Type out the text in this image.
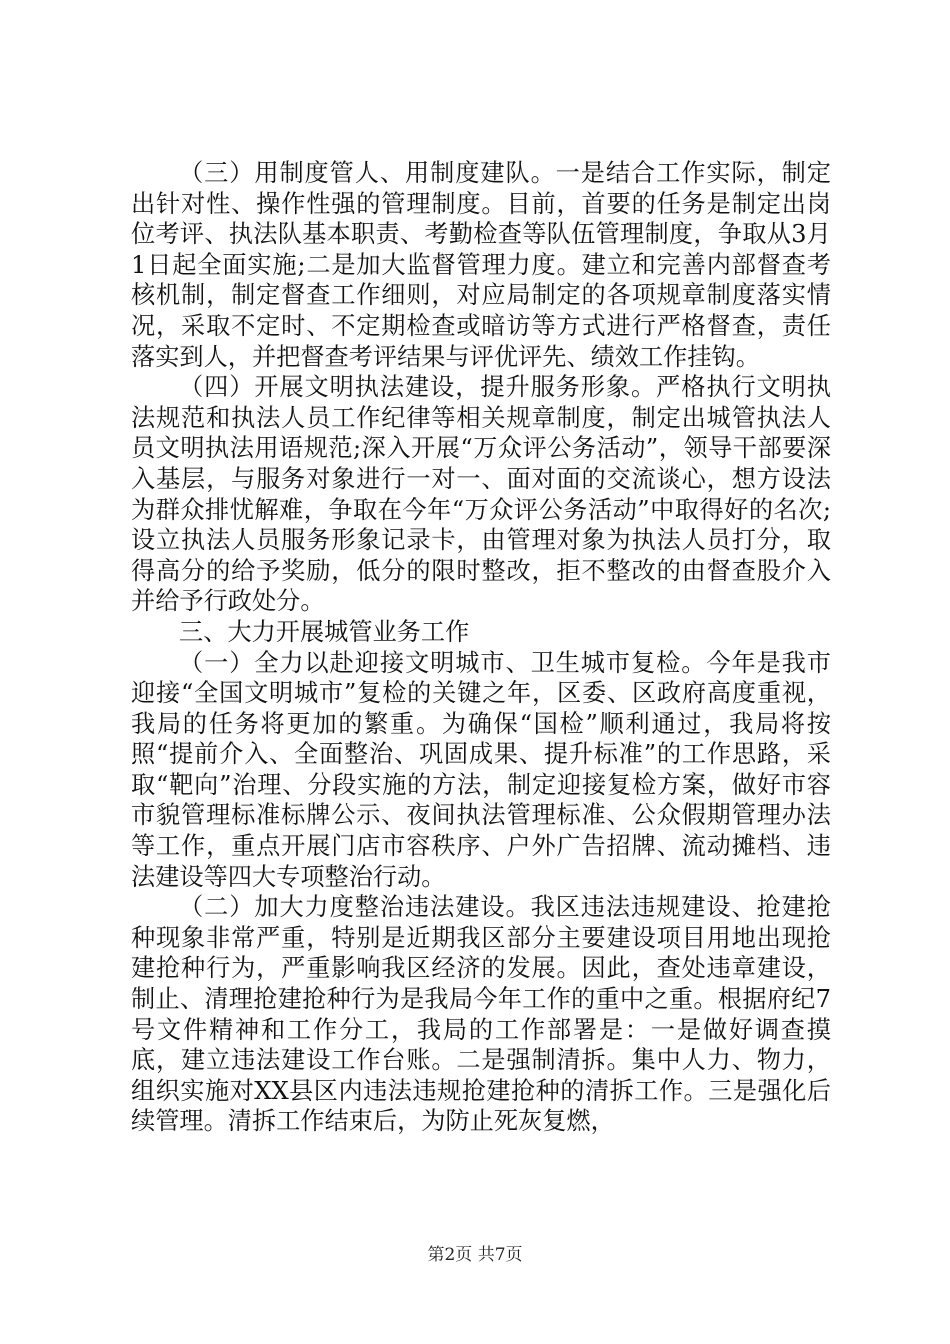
（三）用制度管人、用制度建队。一是结合工作实际，制定出针对性、操作性强的管理制度。目前，首要的任务是制定出岗位考评、执法队基本职责、考勤检查等队伍管理制度，争取从3月1日起全面实施;二是加大监督管理力度。建立和完善内部督查考核机制，制定督查工作细则，对应局制定的各项规章制度落实情况，采取不定时、不定期检查或暗访等方式进行严格督查，责任落实到人，并把督查考评结果与评优评先、绩效工作挂钩。

（四）开展文明执法建设，提升服务形象。严格执行文明执法规范和执法人员工作纪律等相关规章制度，制定出城管执法人员文明执法用语规范;深入开展“万众评公务活动”，领导干部要深入基层，与服务对象进行一对一、面对面的交流谈心，想方设法为群众排忧解难，争取在今年“万众评公务活动”中取得好的名次;设立执法人员服务形象记录卡，由管理对象为执法人员打分，取得高分的给予奖励，低分的限时整改，拒不整改的由督查股介入并给予行政处分。

三、大力开展城管业务工作

（一）全力以赴迎接文明城市、卫生城市复检。今年是我市迎接“全国文明城市”复检的关键之年，区委、区政府高度重视，我局的任务将更加的繁重。为确保“国检”顺利通过，我局将按照“提前介入、全面整治、巩固成果、提升标准”的工作思路，采取“靶向”治理、分段实施的方法，制定迎接复检方案，做好市容市貌管理标准标牌公示、夜间执法管理标准、公众假期管理办法等工作，重点开展门店市容秩序、户外广告招牌、流动摊档、违法建设等四大专项整治行动。

（二）加大力度整治违法建设。我区违法违规建设、抢建抢种现象非常严重，特别是近期我区部分主要建设项目用地出现抢建抢种行为，严重影响我区经济的发展。因此，查处违章建设，制止、清理抢建抢种行为是我局今年工作的重中之重。根据府纪7号文件精神和工作分工，我局的工作部署是：一是做好调查摸底，建立违法建设工作台账。二是强制清拆。集中人力、物力，组织实施对XX县区内违法违规抢建抢种的清拆工作。三是强化后续管理。清拆工作结束后，为防止死灰复燃，

第2页 共7页
